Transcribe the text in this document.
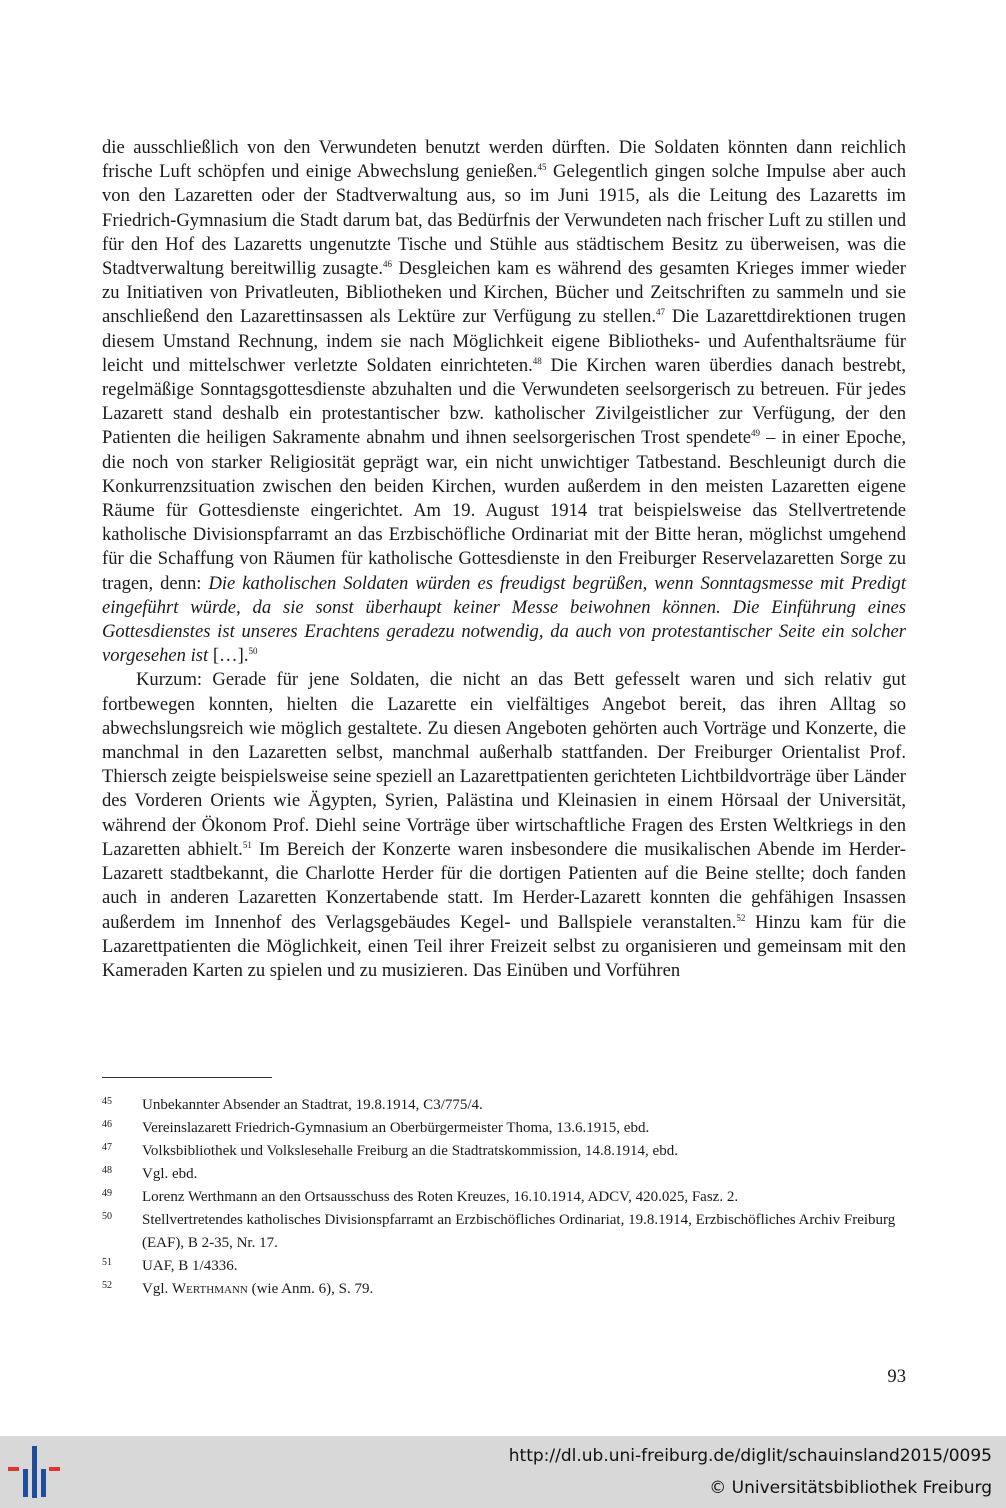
die ausschließlich von den Verwundeten benutzt werden dürften. Die Soldaten könnten dann reichlich frische Luft schöpfen und einige Abwechslung genießen.$^{45}$ Gelegentlich gingen solche Impulse aber auch von den Lazaretten oder der Stadtverwaltung aus, so im Juni 1915, als die Leitung des Lazaretts im Friedrich-Gymnasium die Stadt darum bat, das Bedürfnis der Verwundeten nach frischer Luft zu stillen und für den Hof des Lazaretts ungenutzte Tische und Stühle aus städtischem Besitz zu überweisen, was die Stadtverwaltung bereitwillig zusagte.$^{46}$ Desgleichen kam es während des gesamten Krieges immer wieder zu Initiativen von Privatleuten, Bibliotheken und Kirchen, Bücher und Zeitschriften zu sammeln und sie anschließend den Lazarettinsassen als Lektüre zur Verfügung zu stellen.$^{47}$ Die Lazarettdirektionen trugen diesem Umstand Rechnung, indem sie nach Möglichkeit eigene Bibliotheks- und Aufenthaltsräume für leicht und mittelschwer verletzte Soldaten einrichteten.$^{48}$ Die Kirchen waren überdies danach bestrebt, regelmäßige Sonntagsgottesdienste abzuhalten und die Verwundeten seelsorgerisch zu betreuen. Für jedes Lazarett stand deshalb ein protestantischer bzw. katholischer Zivilgeistlicher zur Verfügung, der den Patienten die heiligen Sakramente abnahm und ihnen seelsorgerischen Trost spendete$^{49}$ – in einer Epoche, die noch von starker Religiosität geprägt war, ein nicht unwichtiger Tatbestand. Beschleunigt durch die Konkurrenzsituation zwischen den beiden Kirchen, wurden außerdem in den meisten Lazaretten eigene Räume für Gottesdienste eingerichtet. Am 19. August 1914 trat beispielsweise das Stellvertretende katholische Divisionspfarramt an das Erzbischöfliche Ordinariat mit der Bitte heran, möglichst umgehend für die Schaffung von Räumen für katholische Gottesdienste in den Freiburger Reservelazaretten Sorge zu tragen, denn: Die katholischen Soldaten würden es freudigst begrüßen, wenn Sonntagsmesse mit Predigt eingeführt würde, da sie sonst überhaupt keiner Messe beiwohnen können. Die Einführung eines Gottesdienstes ist unseres Erachtens geradezu notwendig, da auch von protestantischer Seite ein solcher vorgesehen ist […].$^{50}$

Kurzum: Gerade für jene Soldaten, die nicht an das Bett gefesselt waren und sich relativ gut fortbewegen konnten, hielten die Lazarette ein vielfältiges Angebot bereit, das ihren Alltag so abwechslungsreich wie möglich gestaltete. Zu diesen Angeboten gehörten auch Vorträge und Konzerte, die manchmal in den Lazaretten selbst, manchmal außerhalb stattfanden. Der Freiburger Orientalist Prof. Thiersch zeigte beispielsweise seine speziell an Lazarettpatienten gerichteten Lichtbildvorträge über Länder des Vorderen Orients wie Ägypten, Syrien, Palästina und Kleinasien in einem Hörsaal der Universität, während der Ökonom Prof. Diehl seine Vorträge über wirtschaftliche Fragen des Ersten Weltkriegs in den Lazaretten abhielt.$^{51}$ Im Bereich der Konzerte waren insbesondere die musikalischen Abende im Herder-Lazarett stadtbekannt, die Charlotte Herder für die dortigen Patienten auf die Beine stellte; doch fanden auch in anderen Lazaretten Konzertabende statt. Im Herder-Lazarett konnten die gehfähigen Insassen außerdem im Innenhof des Verlagsgebäudes Kegel- und Ballspiele veranstalten.$^{52}$ Hinzu kam für die Lazarettpatienten die Möglichkeit, einen Teil ihrer Freizeit selbst zu organisieren und gemeinsam mit den Kameraden Karten zu spielen und zu musizieren. Das Einüben und Vorführen

45	Unbekannter Absender an Stadtrat, 19.8.1914, C3/775/4.
46	Vereinslazarett Friedrich-Gymnasium an Oberbürgermeister Thoma, 13.6.1915, ebd.
47	Volksbibliothek und Volkslesehalle Freiburg an die Stadtratskommission, 14.8.1914, ebd.
48	Vgl. ebd.
49	Lorenz Werthmann an den Ortsausschuss des Roten Kreuzes, 16.10.1914, ADCV, 420.025, Fasz. 2.
50	Stellvertretendes katholisches Divisionspfarramt an Erzbischöfliches Ordinariat, 19.8.1914, Erzbischöfliches Archiv Freiburg (EAF), B 2-35, Nr. 17.
51	UAF, B 1/4336.
52	Vgl. Werthmann (wie Anm. 6), S. 79.
93
http://dl.ub.uni-freiburg.de/diglit/schauinsland2015/0095
© Universitätsbibliothek Freiburg
